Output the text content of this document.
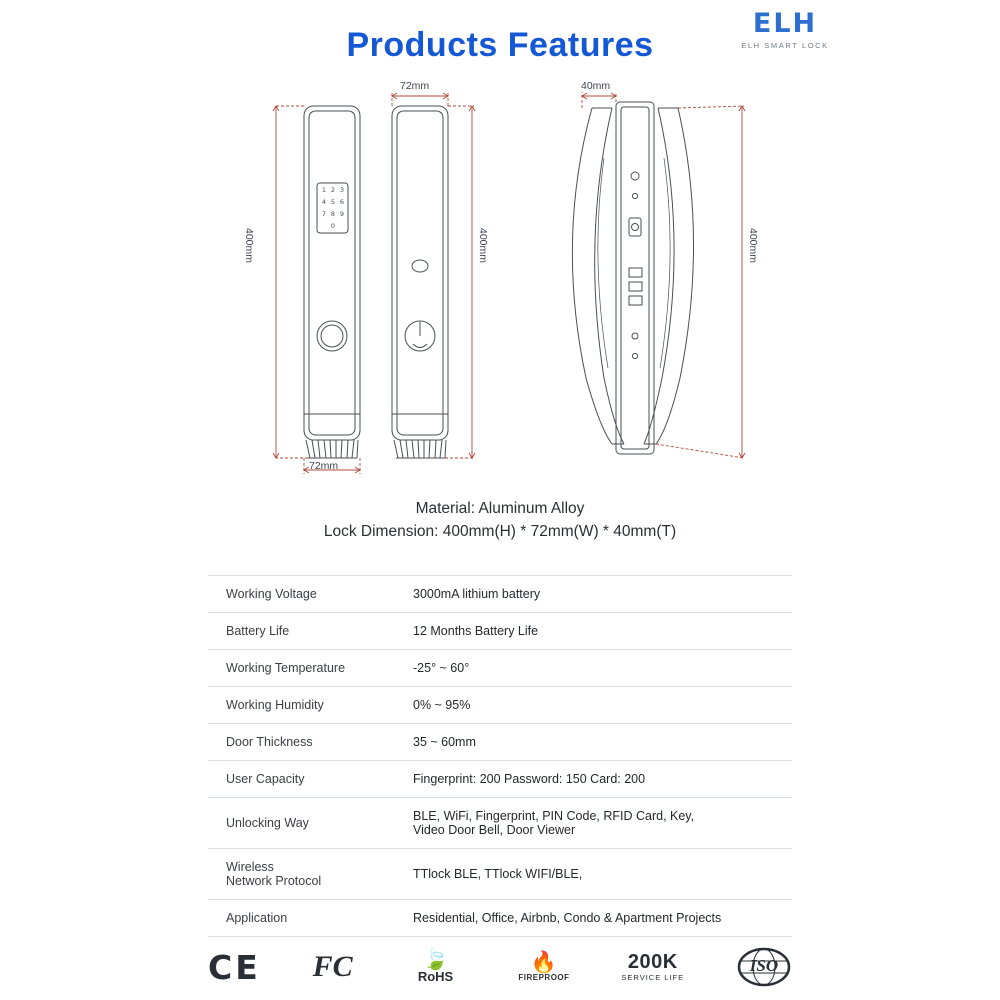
Products Features
ELH
ELH SMART LOCK
1 2 3
4 5 6
7 8 9
0
400mm
72mm
72mm
400mm
40mm
400mm
Material: Aluminum Alloy
Lock Dimension: 400mm(H) * 72mm(W) * 40mm(T)
Working Voltage	3000mA lithium battery
Battery Life	12 Months Battery Life
Working Temperature	-25° ~ 60°
Working Humidity	0% ~ 95%
Door Thickness	35 ~ 60mm
User Capacity	Fingerprint: 200 Password: 150 Card: 200
Unlocking Way	BLE, WiFi, Fingerprint, PIN Code, RFID Card, Key,
Video Door Bell, Door Viewer

Wireless
Network Protocol	TTlock BLE, TTlock WIFI/BLE,
Application	Residential, Office, Airbnb, Condo & Apartment Projects
CE FC	🍃
RoHS
🔥
FIREPROOF
200K
SERVICE LIFE
ISO
